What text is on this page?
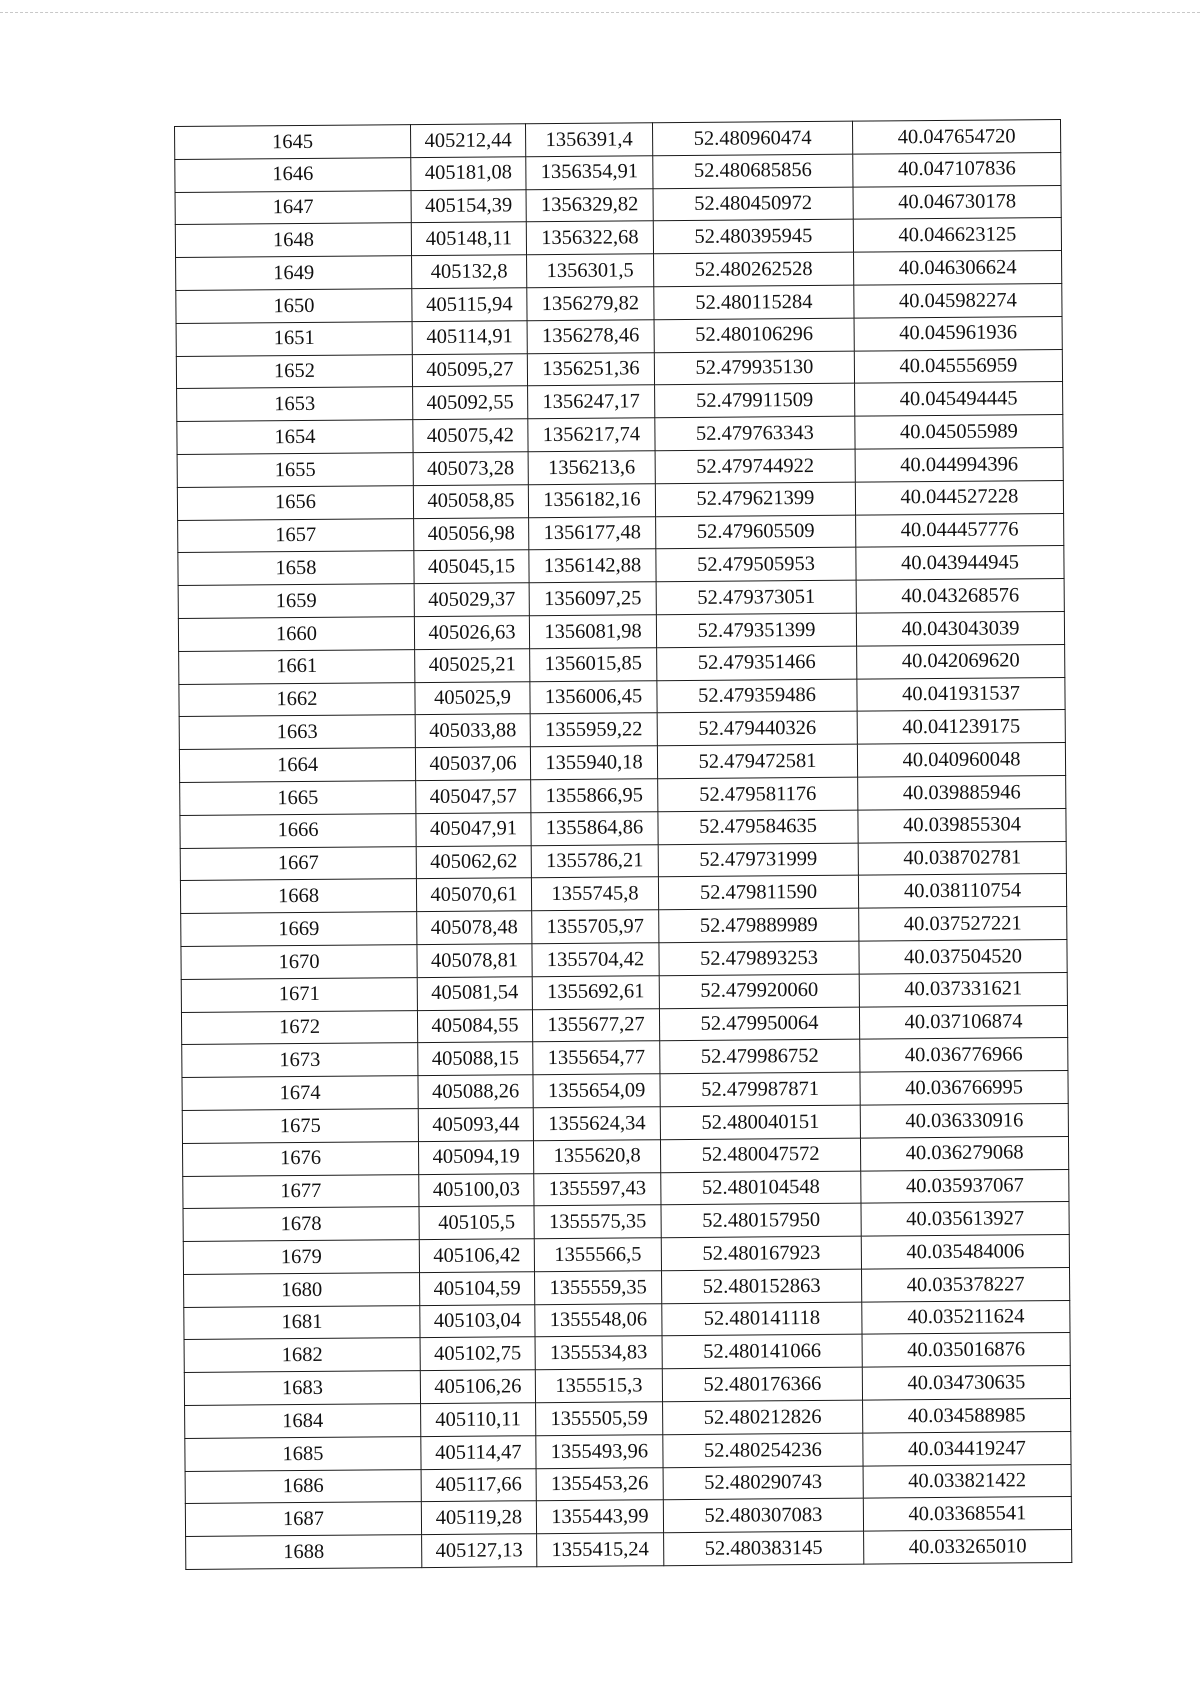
1645	405212,44	1356391,4	52.480960474	40.047654720
1646	405181,08	1356354,91	52.480685856	40.047107836
1647	405154,39	1356329,82	52.480450972	40.046730178
1648	405148,11	1356322,68	52.480395945	40.046623125
1649	405132,8	1356301,5	52.480262528	40.046306624
1650	405115,94	1356279,82	52.480115284	40.045982274
1651	405114,91	1356278,46	52.480106296	40.045961936
1652	405095,27	1356251,36	52.479935130	40.045556959
1653	405092,55	1356247,17	52.479911509	40.045494445
1654	405075,42	1356217,74	52.479763343	40.045055989
1655	405073,28	1356213,6	52.479744922	40.044994396
1656	405058,85	1356182,16	52.479621399	40.044527228
1657	405056,98	1356177,48	52.479605509	40.044457776
1658	405045,15	1356142,88	52.479505953	40.043944945
1659	405029,37	1356097,25	52.479373051	40.043268576
1660	405026,63	1356081,98	52.479351399	40.043043039
1661	405025,21	1356015,85	52.479351466	40.042069620
1662	405025,9	1356006,45	52.479359486	40.041931537
1663	405033,88	1355959,22	52.479440326	40.041239175
1664	405037,06	1355940,18	52.479472581	40.040960048
1665	405047,57	1355866,95	52.479581176	40.039885946
1666	405047,91	1355864,86	52.479584635	40.039855304
1667	405062,62	1355786,21	52.479731999	40.038702781
1668	405070,61	1355745,8	52.479811590	40.038110754
1669	405078,48	1355705,97	52.479889989	40.037527221
1670	405078,81	1355704,42	52.479893253	40.037504520
1671	405081,54	1355692,61	52.479920060	40.037331621
1672	405084,55	1355677,27	52.479950064	40.037106874
1673	405088,15	1355654,77	52.479986752	40.036776966
1674	405088,26	1355654,09	52.479987871	40.036766995
1675	405093,44	1355624,34	52.480040151	40.036330916
1676	405094,19	1355620,8	52.480047572	40.036279068
1677	405100,03	1355597,43	52.480104548	40.035937067
1678	405105,5	1355575,35	52.480157950	40.035613927
1679	405106,42	1355566,5	52.480167923	40.035484006
1680	405104,59	1355559,35	52.480152863	40.035378227
1681	405103,04	1355548,06	52.480141118	40.035211624
1682	405102,75	1355534,83	52.480141066	40.035016876
1683	405106,26	1355515,3	52.480176366	40.034730635
1684	405110,11	1355505,59	52.480212826	40.034588985
1685	405114,47	1355493,96	52.480254236	40.034419247
1686	405117,66	1355453,26	52.480290743	40.033821422
1687	405119,28	1355443,99	52.480307083	40.033685541
1688	405127,13	1355415,24	52.480383145	40.033265010
